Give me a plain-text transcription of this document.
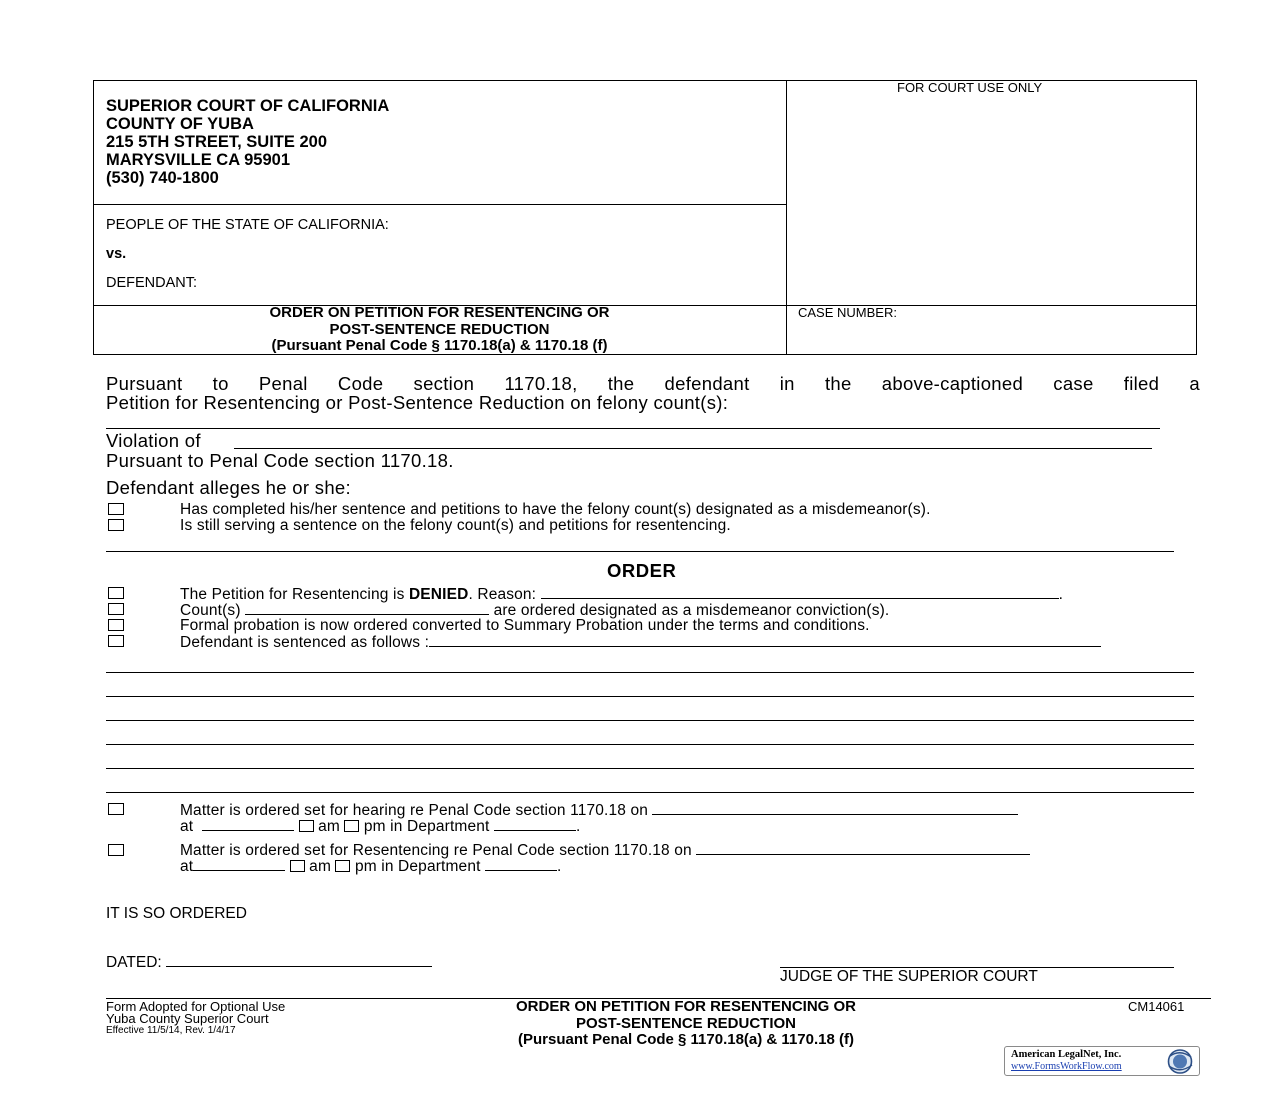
SUPERIOR COURT OF CALIFORNIA
COUNTY OF YUBA
215 5TH STREET, SUITE 200
MARYSVILLE CA 95901
(530) 740-1800
FOR COURT USE ONLY
PEOPLE OF THE STATE OF CALIFORNIA:
vs.
DEFENDANT:
ORDER ON PETITION FOR RESENTENCING OR
POST-SENTENCE REDUCTION
(Pursuant Penal Code § 1170.18(a) & 1170.18 (f)
CASE NUMBER:
Pursuant to Penal Code section 1170.18, the defendant in the above-captioned case filed a
Petition for Resentencing or Post-Sentence Reduction on felony count(s):
Violation of
Pursuant to Penal Code section 1170.18.
Defendant alleges he or she:
Has completed his/her sentence and petitions to have the felony count(s) designated as a misdemeanor(s).
Is still serving a sentence on the felony count(s) and petitions for resentencing.
ORDER
The Petition for Resentencing is DENIED. Reason:	.
Count(s)	are ordered designated as a misdemeanor conviction(s).
Formal probation is now ordered converted to Summary Probation under the terms and conditions.
Defendant is sentenced as follows :
Matter is ordered set for hearing re Penal Code section 1170.18 on
at	am pm in Department	.
Matter is ordered set for Resentencing re Penal Code section 1170.18 on
at	am pm in Department	.
IT IS SO ORDERED
DATED:
JUDGE OF THE SUPERIOR COURT
Form Adopted for Optional Use
Yuba County Superior Court
Effective 11/5/14, Rev. 1/4/17
ORDER ON PETITION FOR RESENTENCING OR
POST-SENTENCE REDUCTION
(Pursuant Penal Code § 1170.18(a) & 1170.18 (f)
CM14061
American LegalNet, Inc.
www.FormsWorkFlow.com
